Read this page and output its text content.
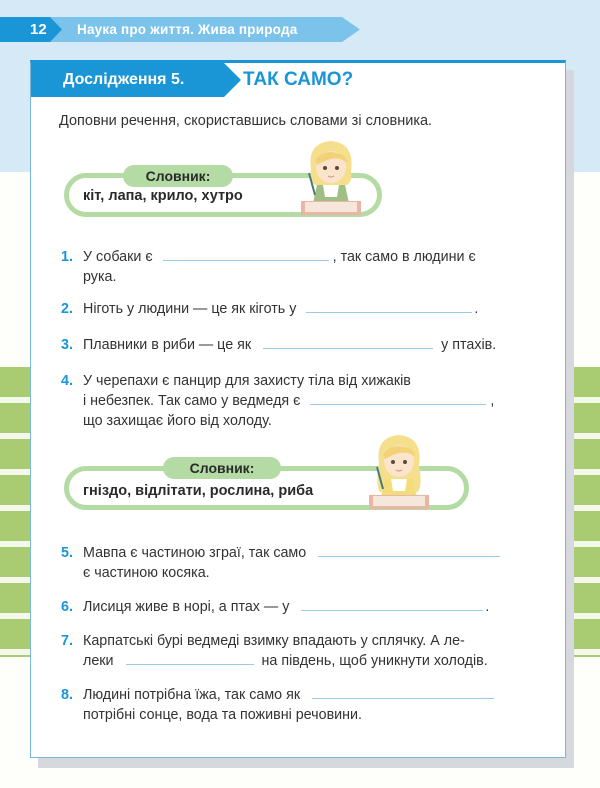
12 Наука про життя. Жива природа
Дослідження 5.	ТАК САМО?
Доповни речення, скориставшись словами зі словника.
Словник:
кіт, лапа, крило, хутро
1. У собаки є	, так само в людини є
рука.
2. Ніготь у людини — це як кіготь у	.
3. Плавники в риби — це як	у птахів.
4. У черепахи є панцир для захисту тіла від хижаків
і небезпек. Так само у ведмедя є	,
що захищає його від холоду.
Словник:
гніздо, відлітати, рослина, риба
5. Мавпа є частиною зграї, так само
є частиною косяка.
6. Лисиця живе в норі, а птах — у	.
7. Карпатські бурі ведмеді взимку впадають у сплячку. А ле-
леки	на південь, щоб уникнути холодів.
8. Людині потрібна їжа, так само як
потрібні сонце, вода та поживні речовини.
